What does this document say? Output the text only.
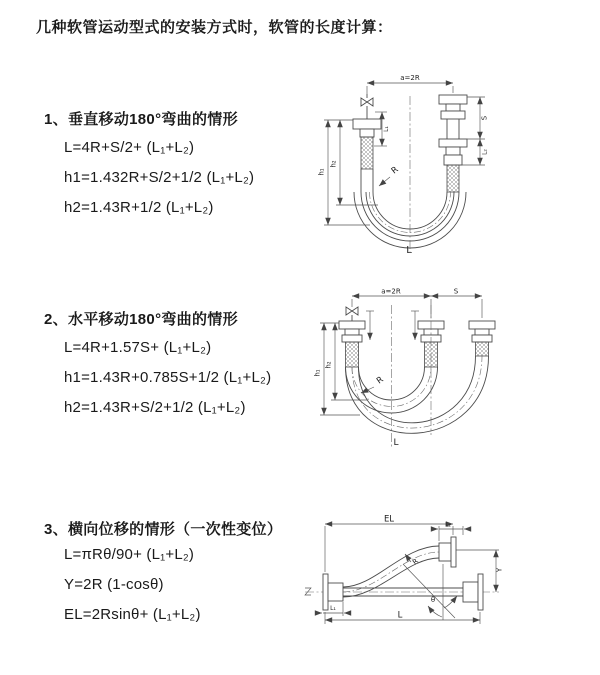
几种软管运动型式的安装方式时，软管的长度计算：
1、垂直移动180°弯曲的情形
L=4R+S/2+ (L₁+L₂)
h1=1.432R+S/2+1/2 (L₁+L₂)
h2=1.43R+1/2 (L₁+L₂)
a=2R
h₁
h₂
L₁
S
L₂
R
L
2、水平移动180°弯曲的情形
L=4R+1.57S+ (L₁+L₂)
h1=1.43R+0.785S+1/2 (L₁+L₂)
h2=1.43R+S/2+1/2 (L₁+L₂)
a=2R	S
h₁
h₂
R
L
3、横向位移的情形（一次性变位）
L=πRθ/90+ (L₁+L₂)
Y=2R (1-cosθ)
EL=2Rsinθ+ (L₁+L₂)
EL
L₂
Y
θ
R
L
L₁
